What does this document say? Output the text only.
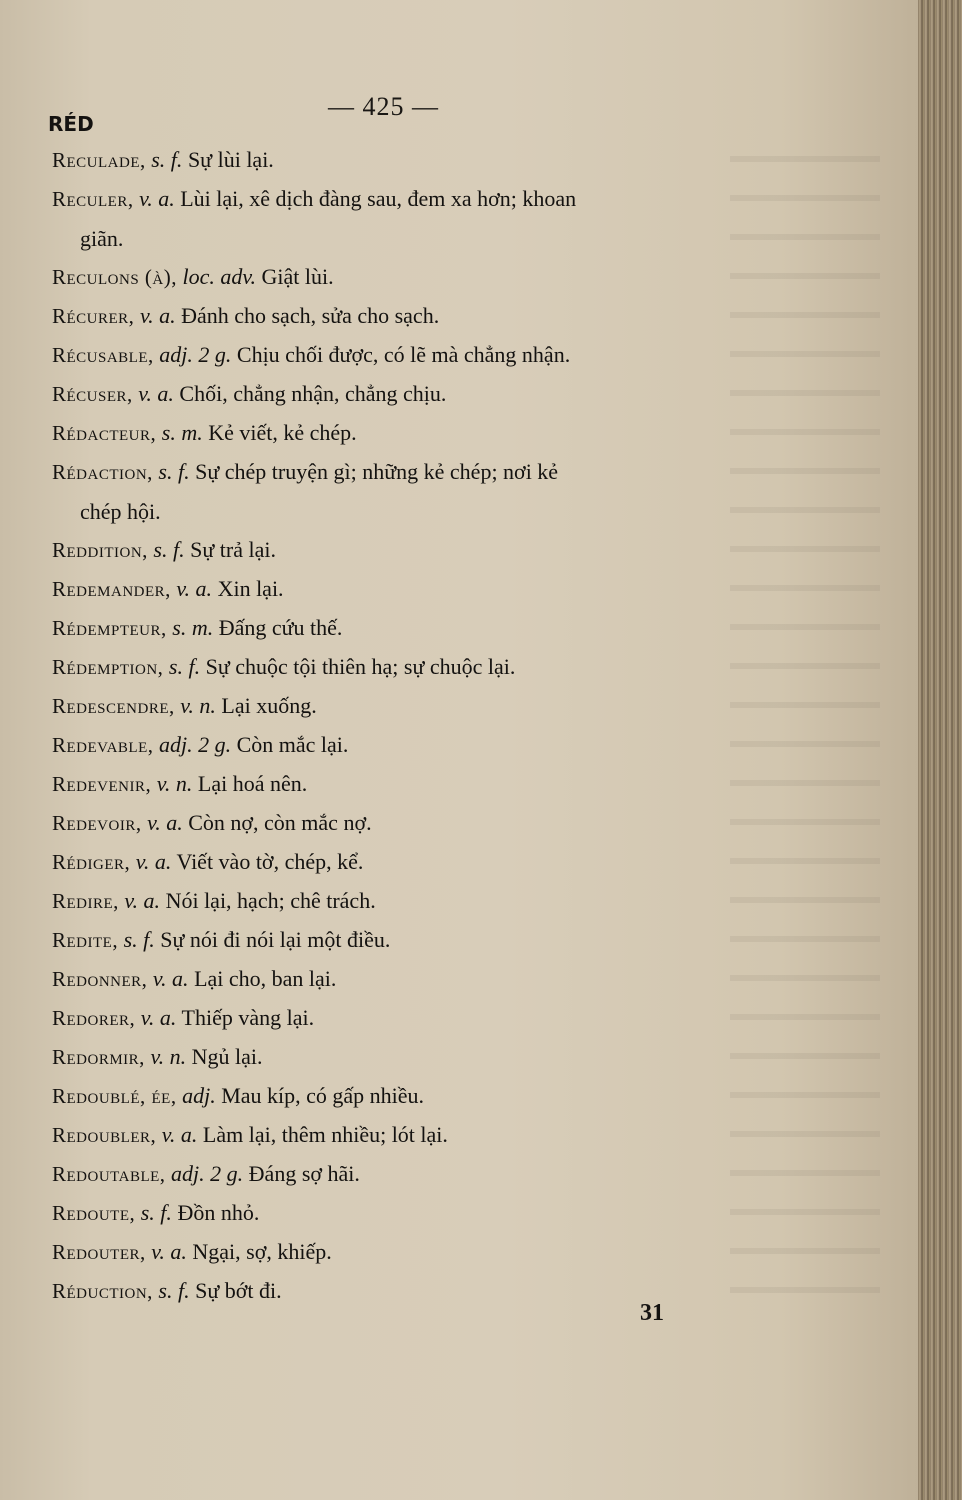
RÉD
— 425 —
Reculade, s. f. Sự lùi lại.
Reculer, v. a. Lùi lại, xê dịch đàng sau, đem xa hơn; khoan
giãn.
Reculons (à), loc. adv. Giật lùi.
Récurer, v. a. Đánh cho sạch, sửa cho sạch.
Récusable, adj. 2 g. Chịu chối được, có lẽ mà chẳng nhận.
Récuser, v. a. Chối, chẳng nhận, chẳng chịu.
Rédacteur, s. m. Kẻ viết, kẻ chép.
Rédaction, s. f. Sự chép truyện gì; những kẻ chép; nơi kẻ
chép hội.
Reddition, s. f. Sự trả lại.
Redemander, v. a. Xin lại.
Rédempteur, s. m. Đấng cứu thế.
Rédemption, s. f. Sự chuộc tội thiên hạ; sự chuộc lại.
Redescendre, v. n. Lại xuống.
Redevable, adj. 2 g. Còn mắc lại.
Redevenir, v. n. Lại hoá nên.
Redevoir, v. a. Còn nợ, còn mắc nợ.
Rédiger, v. a. Viết vào tờ, chép, kể.
Redire, v. a. Nói lại, hạch; chê trách.
Redite, s. f. Sự nói đi nói lại một điều.
Redonner, v. a. Lại cho, ban lại.
Redorer, v. a. Thiếp vàng lại.
Redormir, v. n. Ngủ lại.
Redoublé, ée, adj. Mau kíp, có gấp nhiều.
Redoubler, v. a. Làm lại, thêm nhiều; lót lại.
Redoutable, adj. 2 g. Đáng sợ hãi.
Redoute, s. f. Đồn nhỏ.
Redouter, v. a. Ngại, sợ, khiếp.
Réduction, s. f. Sự bớt đi.
31
